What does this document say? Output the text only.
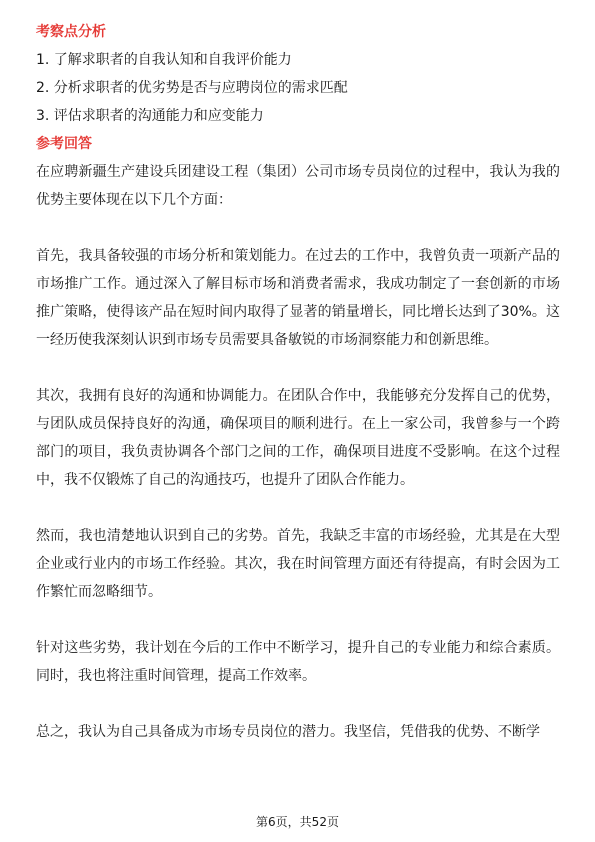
考察点分析
1. 了解求职者的自我认知和自我评价能力
2. 分析求职者的优劣势是否与应聘岗位的需求匹配
3. 评估求职者的沟通能力和应变能力
参考回答

在应聘新疆生产建设兵团建设工程（集团）公司市场专员岗位的过程中，我认为我的优势主要体现在以下几个方面：

首先，我具备较强的市场分析和策划能力。在过去的工作中，我曾负责一项新产品的市场推广工作。通过深入了解目标市场和消费者需求，我成功制定了一套创新的市场推广策略，使得该产品在短时间内取得了显著的销量增长，同比增长达到了30%。这一经历使我深刻认识到市场专员需要具备敏锐的市场洞察能力和创新思维。

其次，我拥有良好的沟通和协调能力。在团队合作中，我能够充分发挥自己的优势，与团队成员保持良好的沟通，确保项目的顺利进行。在上一家公司，我曾参与一个跨部门的项目，我负责协调各个部门之间的工作，确保项目进度不受影响。在这个过程中，我不仅锻炼了自己的沟通技巧，也提升了团队合作能力。

然而，我也清楚地认识到自己的劣势。首先，我缺乏丰富的市场经验，尤其是在大型企业或行业内的市场工作经验。其次，我在时间管理方面还有待提高，有时会因为工作繁忙而忽略细节。

针对这些劣势，我计划在今后的工作中不断学习，提升自己的专业能力和综合素质。同时，我也将注重时间管理，提高工作效率。

总之，我认为自己具备成为市场专员岗位的潜力。我坚信，凭借我的优势、不断学

第6页，共52页
